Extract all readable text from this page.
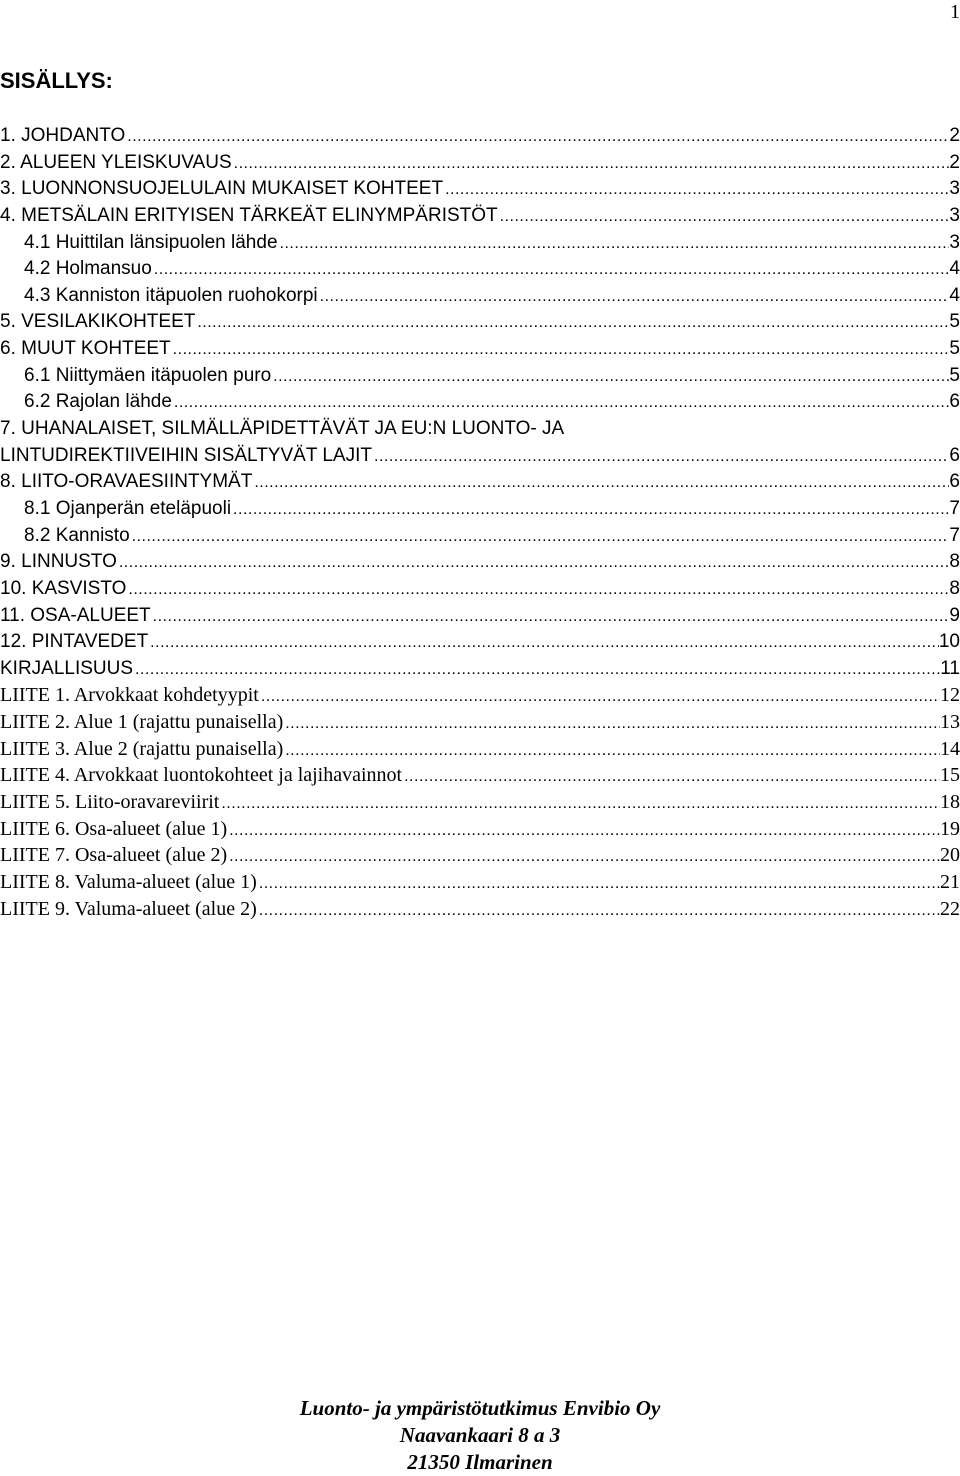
1
SISÄLLYS:
1. JOHDANTO .....	2
2. ALUEEN YLEISKUVAUS .....	2
3. LUONNONSUOJELULAIN MUKAISET KOHTEET .....	3
4. METSÄLAIN ERITYISEN TÄRKEÄT ELINYMPÄRISTÖT .....	3
4.1 Huittilan länsipuolen lähde .....	3
4.2 Holmansuo .....	4
4.3 Kanniston itäpuolen ruohokorpi .....	4
5. VESILAKIKOHTEET .....	5
6. MUUT KOHTEET .....	5
6.1 Niittymäen itäpuolen puro .....	5
6.2 Rajolan lähde .....	6
7. UHANALAISET, SILMÄLLÄPIDETTÄVÄT JA EU:N LUONTO- JA
LINTUDIREKTIIVEIHIN SISÄLTYVÄT LAJIT .....	6
8. LIITO-ORAVAESIINTYMÄT .....	6
8.1 Ojanperän eteläpuoli .....	7
8.2 Kannisto .....	7
9. LINNUSTO .....	8
10. KASVISTO .....	8
11. OSA-ALUEET .....	9
12. PINTAVEDET .....	10
KIRJALLISUUS .....	11
LIITE 1. Arvokkaat kohdetyypit .....	12
LIITE 2. Alue 1 (rajattu punaisella) .....	13
LIITE 3. Alue 2 (rajattu punaisella) .....	14
LIITE 4. Arvokkaat luontokohteet ja lajihavainnot .....	15
LIITE 5. Liito-oravareviirit .....	18
LIITE 6. Osa-alueet (alue 1) .....	19
LIITE 7. Osa-alueet (alue 2) .....	20
LIITE 8. Valuma-alueet (alue 1) .....	21
LIITE 9. Valuma-alueet (alue 2) .....	22
Luonto- ja ympäristötutkimus Envibio Oy
Naavankaari 8 a 3
21350 Ilmarinen
